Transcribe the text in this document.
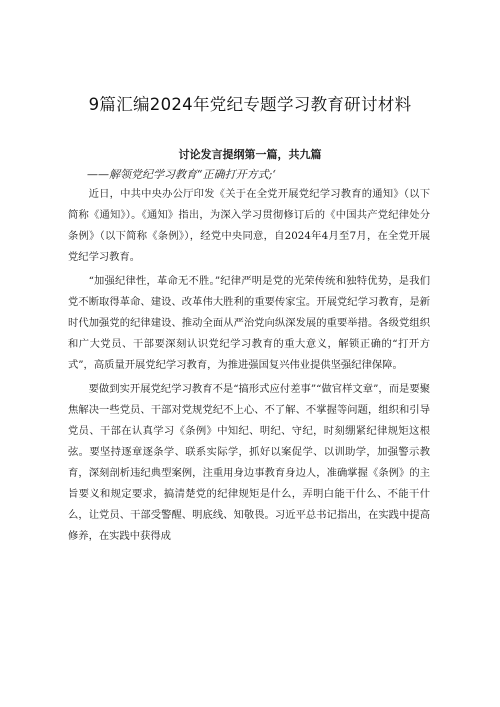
9篇汇编2024年党纪专题学习教育研讨材料
讨论发言提纲第一篇，共九篇
——解领党纪学习教育“正确打开方式;‘

近日，中共中央办公厅印发《关于在全党开展党纪学习教育的通知》（以下简称《通知》）。《通知》指出，为深入学习贯彻修订后的《中国共产党纪律处分条例》（以下简称《条例》），经党中央同意，自2024年4月至7月，在全党开展党纪学习教育。

“加强纪律性，革命无不胜。”纪律严明是党的光荣传统和独特优势，是我们党不断取得革命、建设、改革伟大胜利的重要传家宝。开展党纪学习教育，是新时代加强党的纪律建设、推动全面从严治党向纵深发展的重要举措。各级党组织和广大党员、干部要深刻认识党纪学习教育的重大意义，解锁正确的“打开方式”，高质量开展党纪学习教育，为推进强国复兴伟业提供坚强纪律保障。

要做到实开展党纪学习教育不是“搞形式应付差事”“做官样文章”，而是要聚焦解决一些党员、干部对党规党纪不上心、不了解、不掌握等问题，组织和引导党员、干部在认真学习《条例》中知纪、明纪、守纪，时刻绷紧纪律规矩这根弦。要坚持逐章逐条学、联系实际学，抓好以案促学、以训助学，加强警示教育，深刻剖析违纪典型案例，注重用身边事教育身边人，准确掌握《条例》的主旨要义和规定要求，搞清楚党的纪律规矩是什么，弄明白能干什么、不能干什么，让党员、干部受警醒、明底线、知敬畏。习近平总书记指出，在实践中提高修养，在实践中获得成
